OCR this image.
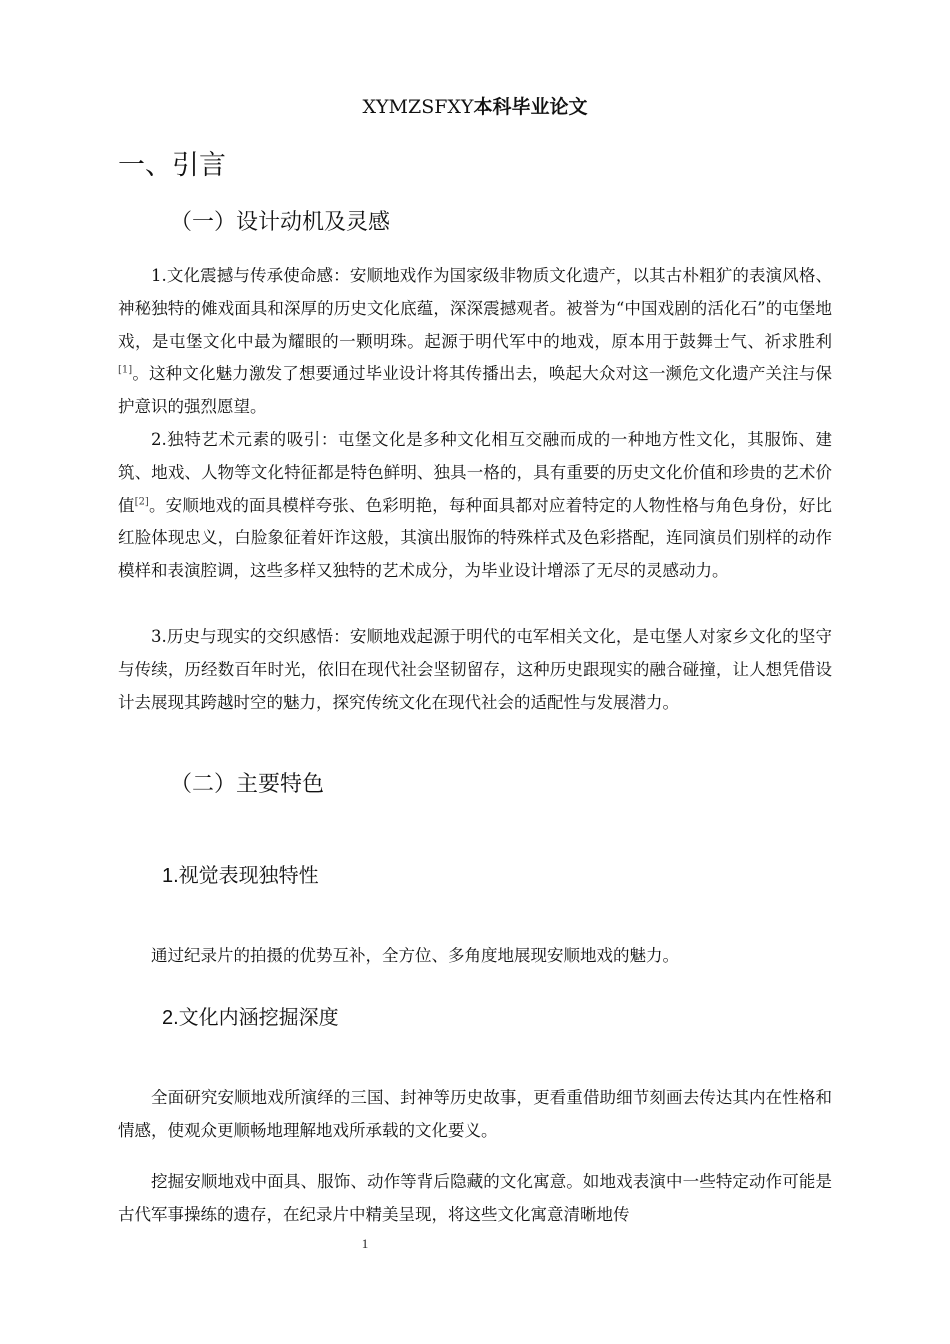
XYMZSFXY本科毕业论文
一、引言
（一）设计动机及灵感

1.文化震撼与传承使命感：安顺地戏作为国家级非物质文化遗产，以其古朴粗犷的表演风格、神秘独特的傩戏面具和深厚的历史文化底蕴，深深震撼观者。被誉为“中国戏剧的活化石”的屯堡地戏，是屯堡文化中最为耀眼的一颗明珠。起源于明代军中的地戏，原本用于鼓舞士气、祈求胜利[1]。这种文化魅力激发了想要通过毕业设计将其传播出去，唤起大众对这一濒危文化遗产关注与保护意识的强烈愿望。

2.独特艺术元素的吸引：屯堡文化是多种文化相互交融而成的一种地方性文化，其服饰、建筑、地戏、人物等文化特征都是特色鲜明、独具一格的，具有重要的历史文化价值和珍贵的艺术价值[2]。安顺地戏的面具模样夸张、色彩明艳，每种面具都对应着特定的人物性格与角色身份，好比红脸体现忠义，白脸象征着奸诈这般，其演出服饰的特殊样式及色彩搭配，连同演员们别样的动作模样和表演腔调，这些多样又独特的艺术成分，为毕业设计增添了无尽的灵感动力。

3.历史与现实的交织感悟：安顺地戏起源于明代的屯军相关文化，是屯堡人对家乡文化的坚守与传续，历经数百年时光，依旧在现代社会坚韧留存，这种历史跟现实的融合碰撞，让人想凭借设计去展现其跨越时空的魅力，探究传统文化在现代社会的适配性与发展潜力。

（二）主要特色
1.视觉表现独特性

通过纪录片的拍摄的优势互补，全方位、多角度地展现安顺地戏的魅力。

2.文化内涵挖掘深度

全面研究安顺地戏所演绎的三国、封神等历史故事，更看重借助细节刻画去传达其内在性格和情感，使观众更顺畅地理解地戏所承载的文化要义。

挖掘安顺地戏中面具、服饰、动作等背后隐藏的文化寓意。如地戏表演中一些特定动作可能是古代军事操练的遗存，在纪录片中精美呈现，将这些文化寓意清晰地传

1
